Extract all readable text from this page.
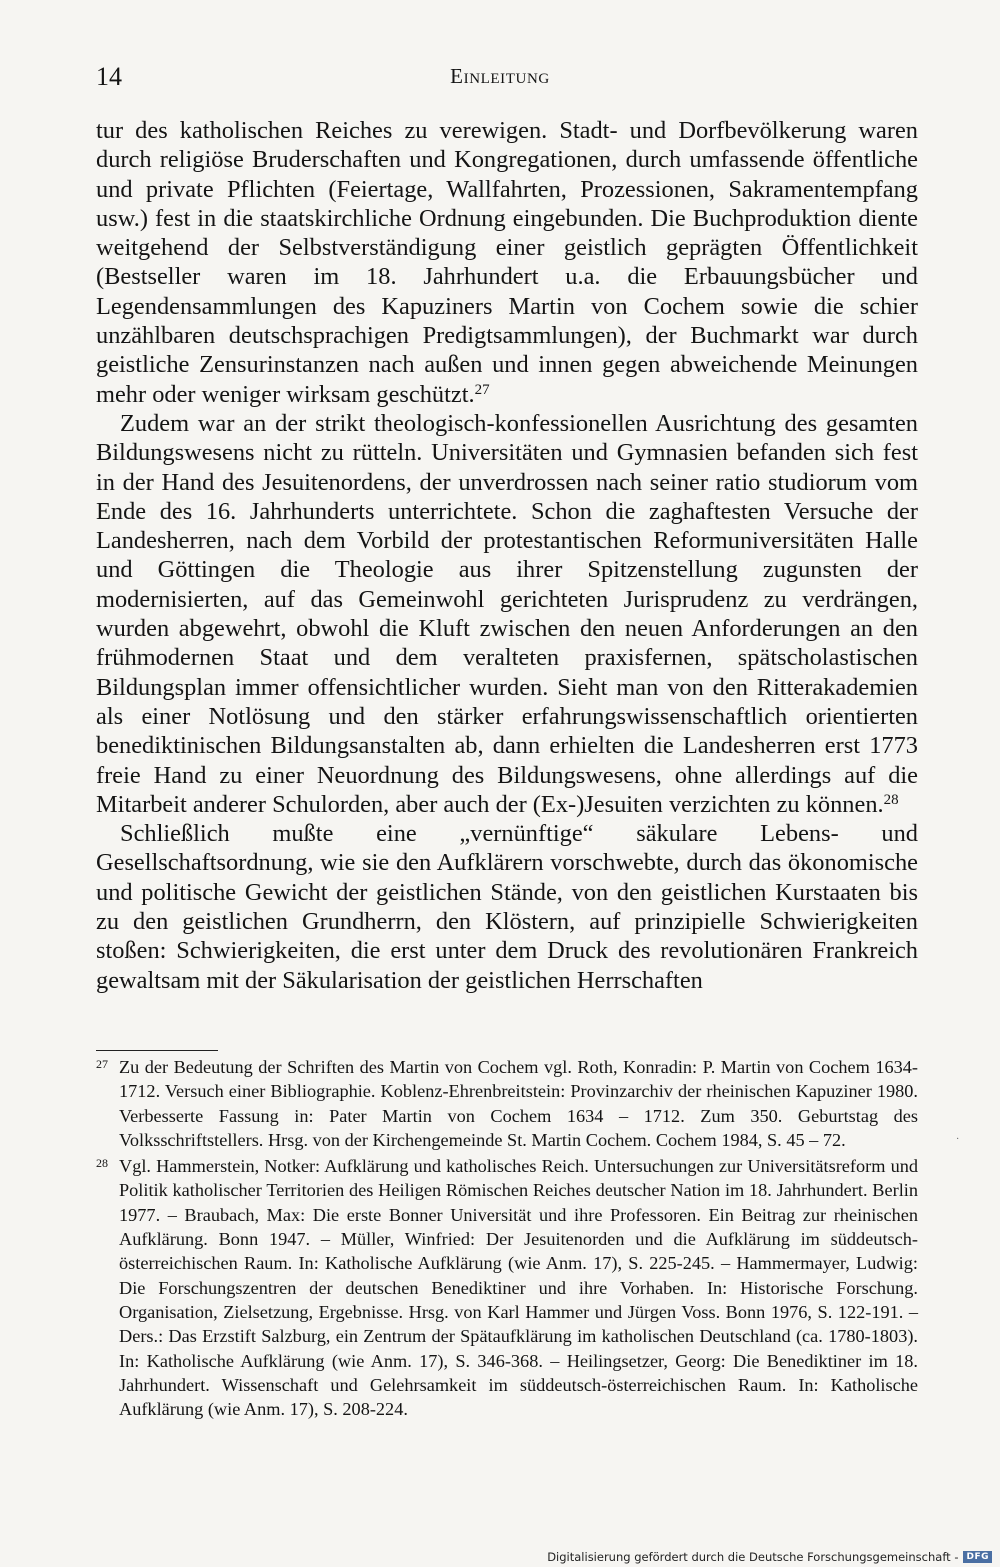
14	Einleitung

tur des katholischen Reiches zu verewigen. Stadt- und Dorfbevölkerung waren durch religiöse Bruderschaften und Kongregationen, durch umfassende öffentliche und private Pflichten (Feiertage, Wallfahrten, Prozessionen, Sakramentempfang usw.) fest in die staatskirchliche Ordnung eingebunden. Die Buchproduktion diente weitgehend der Selbstverständigung einer geistlich geprägten Öffentlichkeit (Bestseller waren im 18. Jahrhundert u.a. die Erbauungsbücher und Legendensammlungen des Kapuziners Martin von Cochem sowie die schier unzählbaren deutschsprachigen Predigtsammlungen), der Buchmarkt war durch geistliche Zensurinstanzen nach außen und innen gegen abweichende Meinungen mehr oder weniger wirksam geschützt.$^{27}$

Zudem war an der strikt theologisch-konfessionellen Ausrichtung des gesamten Bildungswesens nicht zu rütteln. Universitäten und Gymnasien befanden sich fest in der Hand des Jesuitenordens, der unverdrossen nach seiner ratio studiorum vom Ende des 16. Jahrhunderts unterrichtete. Schon die zaghaftesten Versuche der Landesherren, nach dem Vorbild der protestantischen Reformuniversitäten Halle und Göttingen die Theologie aus ihrer Spitzenstellung zugunsten der modernisierten, auf das Gemeinwohl gerichteten Jurisprudenz zu verdrängen, wurden abgewehrt, obwohl die Kluft zwischen den neuen Anforderungen an den frühmodernen Staat und dem veralteten praxisfernen, spätscholastischen Bildungsplan immer offensichtlicher wurden. Sieht man von den Ritterakademien als einer Notlösung und den stärker erfahrungswissenschaftlich orientierten benediktinischen Bildungsanstalten ab, dann erhielten die Landesherren erst 1773 freie Hand zu einer Neuordnung des Bildungswesens, ohne allerdings auf die Mitarbeit anderer Schulorden, aber auch der (Ex-)Jesuiten verzichten zu können.$^{28}$

Schließlich mußte eine „vernünftige“ säkulare Lebens- und Gesellschaftsordnung, wie sie den Aufklärern vorschwebte, durch das ökonomische und politische Gewicht der geistlichen Stände, von den geistlichen Kurstaaten bis zu den geistlichen Grundherrn, den Klöstern, auf prinzipielle Schwierigkeiten stoßen: Schwierigkeiten, die erst unter dem Druck des revolutionären Frankreich gewaltsam mit der Säkularisation der geistlichen Herrschaften

27 Zu der Bedeutung der Schriften des Martin von Cochem vgl. Roth, Konradin: P. Martin von Cochem 1634-1712. Versuch einer Bibliographie. Koblenz-Ehrenbreitstein: Provinzarchiv der rheinischen Kapuziner 1980. Verbesserte Fassung in: Pater Martin von Cochem 1634 – 1712. Zum 350. Geburtstag des Volksschriftstellers. Hrsg. von der Kirchengemeinde St. Martin Cochem. Cochem 1984, S. 45 – 72.
28 Vgl. Hammerstein, Notker: Aufklärung und katholisches Reich. Untersuchungen zur Universitätsreform und Politik katholischer Territorien des Heiligen Römischen Reiches deutscher Nation im 18. Jahrhundert. Berlin 1977. – Braubach, Max: Die erste Bonner Universität und ihre Professoren. Ein Beitrag zur rheinischen Aufklärung. Bonn 1947. – Müller, Winfried: Der Jesuitenorden und die Aufklärung im süddeutsch-österreichischen Raum. In: Katholische Aufklärung (wie Anm. 17), S. 225-245. – Hammermayer, Ludwig: Die Forschungszentren der deutschen Benediktiner und ihre Vorhaben. In: Historische Forschung. Organisation, Zielsetzung, Ergebnisse. Hrsg. von Karl Hammer und Jürgen Voss. Bonn 1976, S. 122-191. – Ders.: Das Erzstift Salzburg, ein Zentrum der Spätaufklärung im katholischen Deutschland (ca. 1780-1803). In: Katholische Aufklärung (wie Anm. 17), S. 346-368. – Heilingsetzer, Georg: Die Benediktiner im 18. Jahrhundert. Wissenschaft und Gelehrsamkeit im süddeutsch-österreichischen Raum. In: Katholische Aufklärung (wie Anm. 17), S. 208-224.
·
Digitalisierung gefördert durch die Deutsche Forschungsgemeinschaft - DFG
